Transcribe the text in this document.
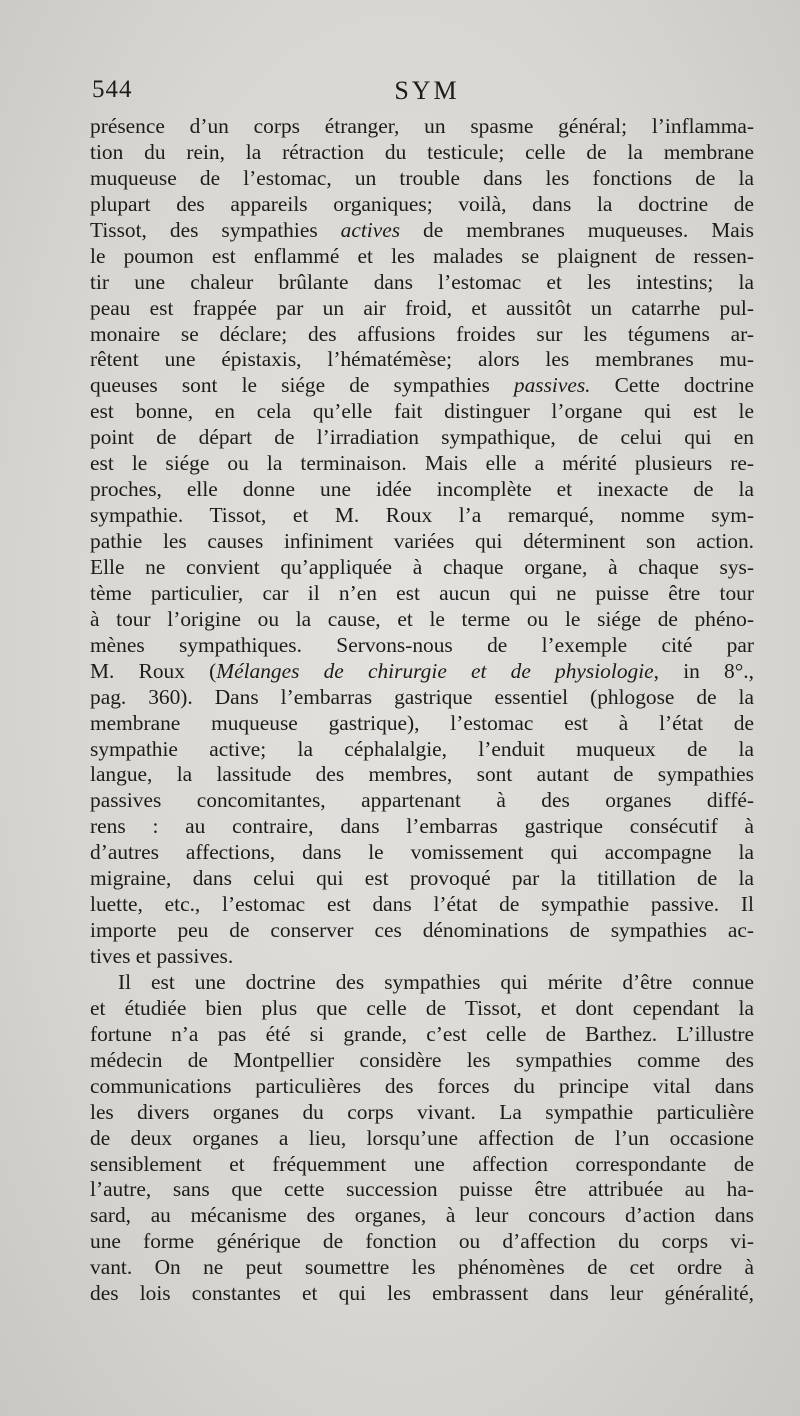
544	SYM
présence d’un corps étranger, un spasme général; l’inflamma-
tion du rein, la rétraction du testicule; celle de la membrane
muqueuse de l’estomac, un trouble dans les fonctions de la
plupart des appareils organiques; voilà, dans la doctrine de
Tissot, des sympathies actives de membranes muqueuses. Mais
le poumon est enflammé et les malades se plaignent de ressen-
tir une chaleur brûlante dans l’estomac et les intestins; la
peau est frappée par un air froid, et aussitôt un catarrhe pul-
monaire se déclare; des affusions froides sur les tégumens ar-
rêtent une épistaxis, l’hématémèse; alors les membranes mu-
queuses sont le siége de sympathies passives. Cette doctrine
est bonne, en cela qu’elle fait distinguer l’organe qui est le
point de départ de l’irradiation sympathique, de celui qui en
est le siége ou la terminaison. Mais elle a mérité plusieurs re-
proches, elle donne une idée incomplète et inexacte de la
sympathie. Tissot, et M. Roux l’a remarqué, nomme sym-
pathie les causes infiniment variées qui déterminent son action.
Elle ne convient qu’appliquée à chaque organe, à chaque sys-
tème particulier, car il n’en est aucun qui ne puisse être tour
à tour l’origine ou la cause, et le terme ou le siége de phéno-
mènes sympathiques. Servons-nous de l’exemple cité par
M. Roux (Mélanges de chirurgie et de physiologie, in 8°.,
pag. 360). Dans l’embarras gastrique essentiel (phlogose de la
membrane muqueuse gastrique), l’estomac est à l’état de
sympathie active; la céphalalgie, l’enduit muqueux de la
langue, la lassitude des membres, sont autant de sympathies
passives concomitantes, appartenant à des organes diffé-
rens : au contraire, dans l’embarras gastrique consécutif à
d’autres affections, dans le vomissement qui accompagne la
migraine, dans celui qui est provoqué par la titillation de la
luette, etc., l’estomac est dans l’état de sympathie passive. Il
importe peu de conserver ces dénominations de sympathies ac-
tives et passives.
Il est une doctrine des sympathies qui mérite d’être connue
et étudiée bien plus que celle de Tissot, et dont cependant la
fortune n’a pas été si grande, c’est celle de Barthez. L’illustre
médecin de Montpellier considère les sympathies comme des
communications particulières des forces du principe vital dans
les divers organes du corps vivant. La sympathie particulière
de deux organes a lieu, lorsqu’une affection de l’un occasione
sensiblement et fréquemment une affection correspondante de
l’autre, sans que cette succession puisse être attribuée au ha-
sard, au mécanisme des organes, à leur concours d’action dans
une forme générique de fonction ou d’affection du corps vi-
vant. On ne peut soumettre les phénomènes de cet ordre à
des lois constantes et qui les embrassent dans leur généralité,
